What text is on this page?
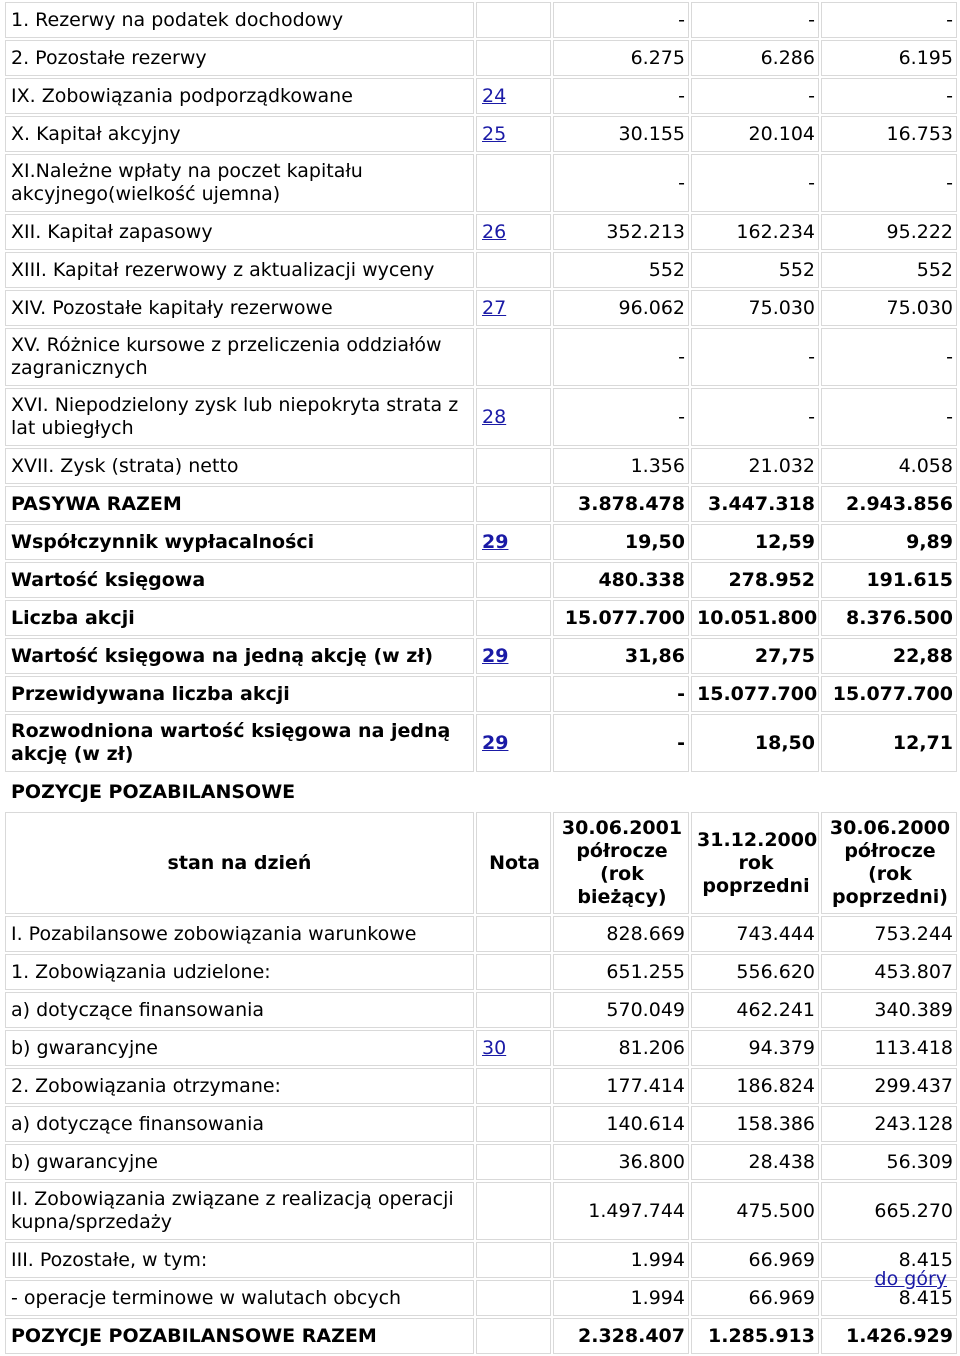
1. Rezerwy na podatek dochodowy		-	-	-
2. Pozostałe rezerwy		6.275	6.286	6.195
IX. Zobowiązania podporządkowane	24	-	-	-
X. Kapitał akcyjny	25	30.155	20.104	16.753
XI.Należne wpłaty na poczet kapitału akcyjnego(wielkość ujemna)		-	-	-
XII. Kapitał zapasowy	26	352.213	162.234	95.222
XIII. Kapitał rezerwowy z aktualizacji wyceny		552	552	552
XIV. Pozostałe kapitały rezerwowe	27	96.062	75.030	75.030
XV. Różnice kursowe z przeliczenia oddziałów zagranicznych		-	-	-
XVI. Niepodzielony zysk lub niepokryta strata z lat ubiegłych	28	-	-	-
XVII. Zysk (strata) netto		1.356	21.032	4.058
PASYWA RAZEM		3.878.478	3.447.318	2.943.856
Współczynnik wypłacalności	29	19,50	12,59	9,89
Wartość księgowa		480.338	278.952	191.615
Liczba akcji		15.077.700	10.051.800	8.376.500
Wartość księgowa na jedną akcję (w zł)	29	31,86	27,75	22,88
Przewidywana liczba akcji		-	15.077.700	15.077.700
Rozwodniona wartość księgowa na jedną akcję (w zł)	29	-	18,50	12,71
POZYCJE POZABILANSOWE				
stan na dzień	Nota	30.06.2001 półrocze (rok bieżący)	31.12.2000 rok poprzedni	30.06.2000 półrocze (rok poprzedni)
I. Pozabilansowe zobowiązania warunkowe		828.669	743.444	753.244
1. Zobowiązania udzielone:		651.255	556.620	453.807
a) dotyczące finansowania		570.049	462.241	340.389
b) gwarancyjne	30	81.206	94.379	113.418
2. Zobowiązania otrzymane:		177.414	186.824	299.437
a) dotyczące finansowania		140.614	158.386	243.128
b) gwarancyjne		36.800	28.438	56.309
II. Zobowiązania związane z realizacją operacji kupna/sprzedaży		1.497.744	475.500	665.270
III. Pozostałe, w tym:		1.994	66.969	8.415
- operacje terminowe w walutach obcych		1.994	66.969	8.415
POZYCJE POZABILANSOWE RAZEM		2.328.407	1.285.913	1.426.929
do góry
